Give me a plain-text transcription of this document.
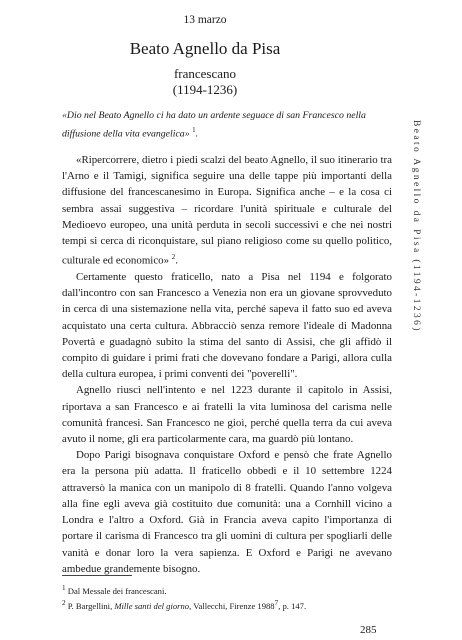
13 marzo
Beato Agnello da Pisa
francescano
(1194-1236)
Beato Agnello da Pisa (1194-1236)
«Dio nel Beato Agnello ci ha dato un ardente seguace di san Francesco nella diffusione della vita evangelica» $^1$.

«Ripercorrere, dietro i piedi scalzi del beato Agnello, il suo itinerario tra l'Arno e il Tamigi, significa seguire una delle tappe più importanti della diffusione del francescanesimo in Europa. Significa anche – e la cosa ci sembra assai suggestiva – ricordare l'unità spirituale e culturale del Medioevo europeo, una unità perduta in secoli successivi e che nei nostri tempi si cerca di riconquistare, sul piano religioso come su quello politico, culturale ed economico» $^2$.

Certamente questo fraticello, nato a Pisa nel 1194 e folgorato dall'incontro con san Francesco a Venezia non era un giovane sprovveduto in cerca di una sistemazione nella vita, perché sapeva il fatto suo ed aveva acquistato una certa cultura. Abbracciò senza remore l'ideale di Madonna Povertà e guadagnò subito la stima del santo di Assisi, che gli affidò il compito di guidare i primi frati che dovevano fondare a Parigi, allora culla della cultura europea, i primi conventi dei "poverelli".

Agnello riuscì nell'intento e nel 1223 durante il capitolo in Assisi, riportava a san Francesco e ai fratelli la vita luminosa del carisma nelle comunità francesi. San Francesco ne gioì, perché quella terra da cui aveva avuto il nome, gli era particolarmente cara, ma guardò più lontano.

Dopo Parigi bisognava conquistare Oxford e pensò che frate Agnello era la persona più adatta. Il fraticello obbedì e il 10 settembre 1224 attraversò la manica con un manipolo di 8 fratelli. Quando l'anno volgeva alla fine egli aveva già costituito due comunità: una a Cornhill vicino a Londra e l'altro a Oxford. Già in Francia aveva capito l'importanza di portare il carisma di Francesco tra gli uomini di cultura per spogliarli delle vanità e donar loro la vera sapienza. E Oxford e Parigi ne avevano ambedue grandemente bisogno.

$^1$ Dal Messale dei francescani.
$^2$ P. Bargellini, Mille santi del giorno, Vallecchi, Firenze 1988$^7$, p. 147.
285
